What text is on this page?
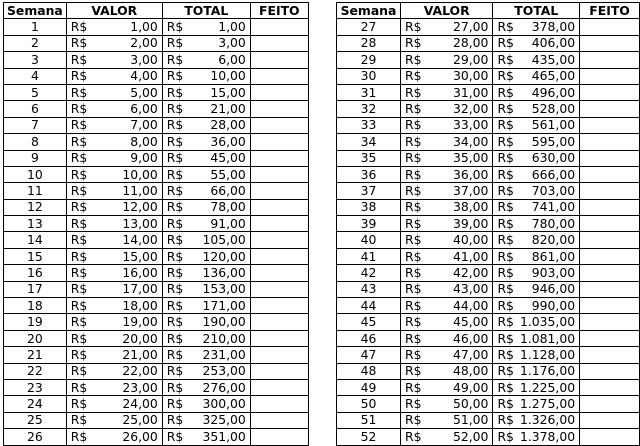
Semana	VALOR	TOTAL	FEITO
1	R$ 1,00	R$ 1,00	

2	R$ 2,00	R$ 3,00	

3	R$ 3,00	R$ 6,00	

4	R$ 4,00	R$ 10,00	

5	R$ 5,00	R$ 15,00	

6	R$ 6,00	R$ 21,00	

7	R$ 7,00	R$ 28,00	

8	R$ 8,00	R$ 36,00	

9	R$ 9,00	R$ 45,00	

10	R$ 10,00	R$ 55,00	

11	R$ 11,00	R$ 66,00	

12	R$ 12,00	R$ 78,00	

13	R$ 13,00	R$ 91,00	

14	R$ 14,00	R$ 105,00	

15	R$ 15,00	R$ 120,00	

16	R$ 16,00	R$ 136,00	

17	R$ 17,00	R$ 153,00	

18	R$ 18,00	R$ 171,00	

19	R$ 19,00	R$ 190,00	

20	R$ 20,00	R$ 210,00	

21	R$ 21,00	R$ 231,00	

22	R$ 22,00	R$ 253,00	

23	R$ 23,00	R$ 276,00	

24	R$ 24,00	R$ 300,00	

25	R$ 25,00	R$ 325,00	

26	R$ 26,00	R$ 351,00	

Semana	VALOR	TOTAL	FEITO
27	R$ 27,00	R$ 378,00	

28	R$ 28,00	R$ 406,00	

29	R$ 29,00	R$ 435,00	

30	R$ 30,00	R$ 465,00	

31	R$ 31,00	R$ 496,00	

32	R$ 32,00	R$ 528,00	

33	R$ 33,00	R$ 561,00	

34	R$ 34,00	R$ 595,00	

35	R$ 35,00	R$ 630,00	

36	R$ 36,00	R$ 666,00	

37	R$ 37,00	R$ 703,00	

38	R$ 38,00	R$ 741,00	

39	R$ 39,00	R$ 780,00	

40	R$ 40,00	R$ 820,00	

41	R$ 41,00	R$ 861,00	

42	R$ 42,00	R$ 903,00	

43	R$ 43,00	R$ 946,00	

44	R$ 44,00	R$ 990,00	

45	R$ 45,00	R$ 1.035,00	

46	R$ 46,00	R$ 1.081,00	

47	R$ 47,00	R$ 1.128,00	

48	R$ 48,00	R$ 1.176,00	

49	R$ 49,00	R$ 1.225,00	

50	R$ 50,00	R$ 1.275,00	

51	R$ 51,00	R$ 1.326,00	

52	R$ 52,00	R$ 1.378,00	
